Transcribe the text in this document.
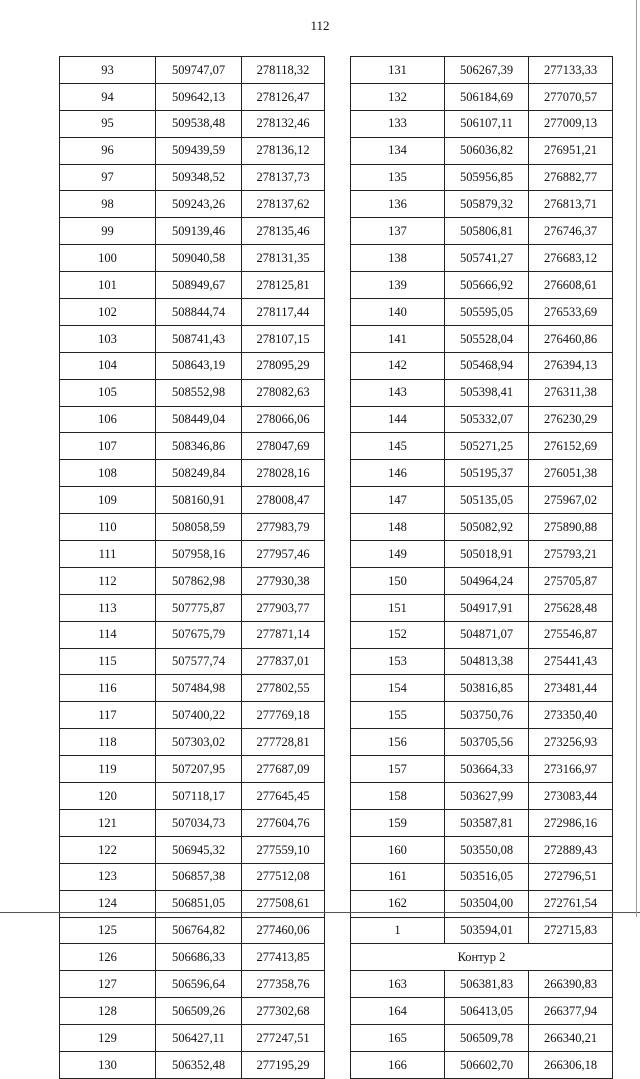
112
93	509747,07	278118,32
94	509642,13	278126,47
95	509538,48	278132,46
96	509439,59	278136,12
97	509348,52	278137,73
98	509243,26	278137,62
99	509139,46	278135,46
100	509040,58	278131,35
101	508949,67	278125,81
102	508844,74	278117,44
103	508741,43	278107,15
104	508643,19	278095,29
105	508552,98	278082,63
106	508449,04	278066,06
107	508346,86	278047,69
108	508249,84	278028,16
109	508160,91	278008,47
110	508058,59	277983,79
111	507958,16	277957,46
112	507862,98	277930,38
113	507775,87	277903,77
114	507675,79	277871,14
115	507577,74	277837,01
116	507484,98	277802,55
117	507400,22	277769,18
118	507303,02	277728,81
119	507207,95	277687,09
120	507118,17	277645,45
121	507034,73	277604,76
122	506945,32	277559,10
123	506857,38	277512,08
124	506851,05	277508,61
125	506764,82	277460,06
126	506686,33	277413,85
127	506596,64	277358,76
128	506509,26	277302,68
129	506427,11	277247,51
130	506352,48	277195,29
131	506267,39	277133,33
132	506184,69	277070,57
133	506107,11	277009,13
134	506036,82	276951,21
135	505956,85	276882,77
136	505879,32	276813,71
137	505806,81	276746,37
138	505741,27	276683,12
139	505666,92	276608,61
140	505595,05	276533,69
141	505528,04	276460,86
142	505468,94	276394,13
143	505398,41	276311,38
144	505332,07	276230,29
145	505271,25	276152,69
146	505195,37	276051,38
147	505135,05	275967,02
148	505082,92	275890,88
149	505018,91	275793,21
150	504964,24	275705,87
151	504917,91	275628,48
152	504871,07	275546,87
153	504813,38	275441,43
154	503816,85	273481,44
155	503750,76	273350,40
156	503705,56	273256,93
157	503664,33	273166,97
158	503627,99	273083,44
159	503587,81	272986,16
160	503550,08	272889,43
161	503516,05	272796,51
162	503504,00	272761,54
1	503594,01	272715,83
Контур 2		
163	506381,83	266390,83
164	506413,05	266377,94
165	506509,78	266340,21
166	506602,70	266306,18
